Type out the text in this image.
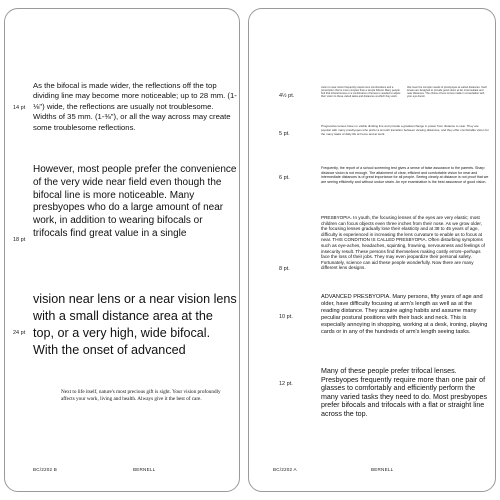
14 pt

As the bifocal is made wider, the reflections off the top dividing line may become more noticeable; up to 28 mm. (1-⅛") wide, the reflections are usually not troublesome. Widths of 35 mm. (1-⅜"), or all the way across may create some troublesome reflections.

18 pt

However, most people prefer the convenience of the very wide near field even though the bifocal line is more noticeable. Many presbyopes who do a large amount of near work, in addition to wearing bifocals or trifocals find great value in a single

24 pt

vision near lens or a near vision lens with a small distance area at the top, or a very high, wide bifocal. With the onset of advanced

Next to life itself, nature's most precious gift is sight. Your vision profoundly affects your work, living and health. Always give it the best of care.

BC/2202 B	BERNELL
4½ pt.

vision to near vision frequently require lens combinations and a prescription that is more complex than a simple bifocal. Many people find that trifocal lenses or a combination of lenses is needed to adjust their vision to these varied tasks and distances at which they work.

that meet the complex needs of presbyopes at varied distances. Such lenses are designed to provide good vision at far, intermediate and near distances. The choice of lens is best made in consultation with your eye doctor.

5 pt.

Progressive lenses have no visible dividing line and provide a gradual change in power from distance to near. They are popular with many presbyopes who prefer a smooth transition between viewing distances, and they offer comfortable vision for the many tasks of daily life at home and at work.

6 pt.

Frequently, the report of a school screening test gives a sense of false assurance to the parents. Sharp distance vision is not enough. The attainment of clear, efficient and comfortable vision for near and intermediate distances is of great importance for all people. Seeing clearly at distance is not proof that we are seeing efficiently and without undue strain. An eye examination is the best assurance of good vision.

8 pt.

PRESBYOPIA. In youth, the focusing lenses of the eyes are very elastic; most children can focus objects even three inches from their nose. As we grow older, the focusing lenses gradually lose their elasticity and at 38 to 45 years of age, difficulty is experienced in increasing the lens curvature to enable us to focus at near. THIS CONDITION IS CALLED PRESBYOPIA. Often disturbing symptoms such as eye-aches, headaches, squinting, frowning, nervousness and feelings of insecurity result. These persons find themselves making costly errors–perhaps face the loss of their jobs. They may even jeopardize their personal safety. Fortunately, science can aid these people wonderfully. Now there are many different lens designs.

10 pt.

ADVANCED PRESBYOPIA. Many persons, fifty years of age and older, have difficulty focusing at arm's length as well as at the reading distance. They acquire aging habits and assume many peculiar postural positions with their back and neck. This is especially annoying in shopping, working at a desk, ironing, playing cards or in any of the hundreds of arm's length seeing tasks.

12 pt.

Many of these people prefer trifocal lenses. Presbyopes frequently require more than one pair of glasses to comfortably and efficiently perform the many varied tasks they need to do. Most presbyopes prefer bifocals and trifocals with a flat or straight line across the top.

BC/2202 A	BERNELL
